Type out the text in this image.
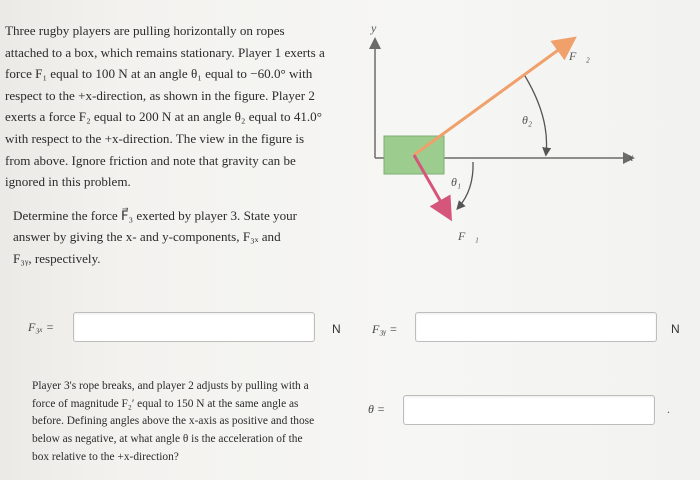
Three rugby players are pulling horizontally on ropes
attached to a box, which remains stationary. Player 1 exerts a
force F₁ equal to 100 N at an angle θ₁ equal to −60.0° with
respect to the +x-direction, as shown in the figure. Player 2
exerts a force F₂ equal to 200 N at an angle θ₂ equal to 41.0°
with respect to the +x-direction. The view in the figure is
from above. Ignore friction and note that gravity can be
ignored in this problem.

Determine the force F⃗₃ exerted by player 3. State your
answer by giving the x- and y-components, F₃ₓ and
F₃ᵧ, respectively.

F₃ₓ =	N	F₃ᵧ =	N
Player 3's rope breaks, and player 2 adjusts by pulling with a
force of magnitude F₂′ equal to 150 N at the same angle as
before. Defining angles above the x-axis as positive and those
below as negative, at what angle θ is the acceleration of the
box relative to the +x-direction?
θ =	.
y
x
F⃗₂
F⃗₁
θ₂
θ₁
